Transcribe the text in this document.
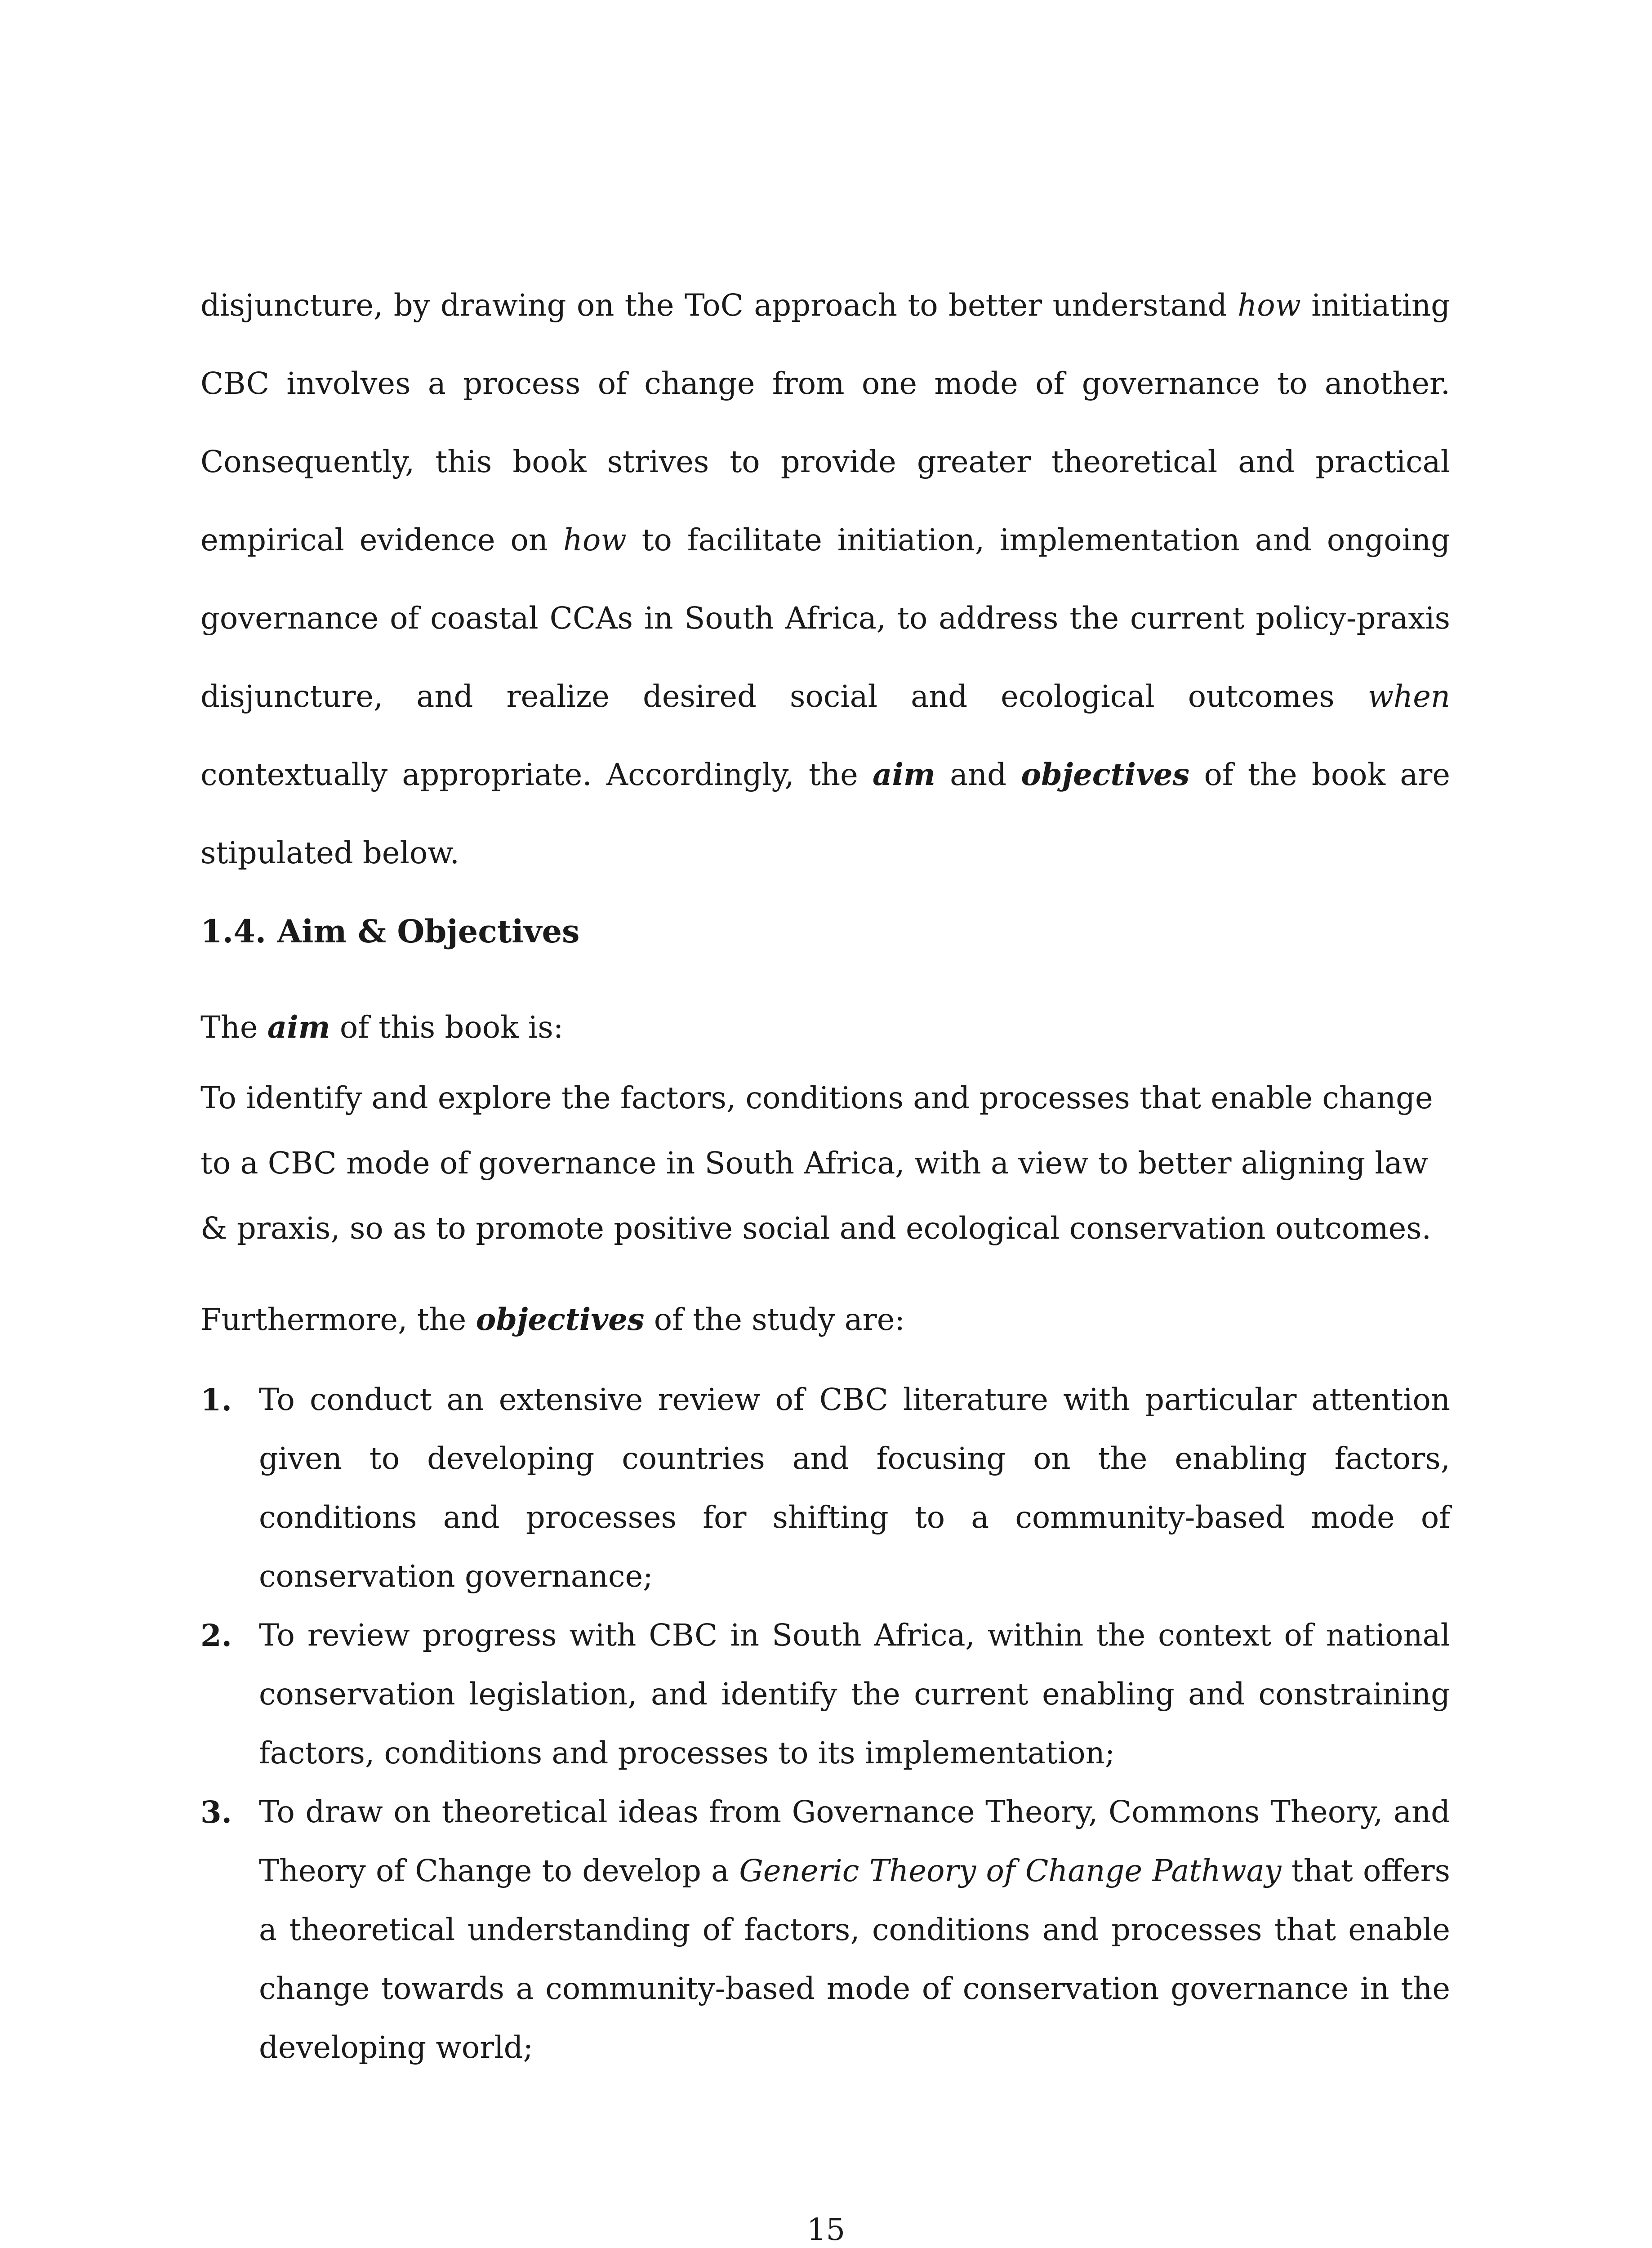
disjuncture, by drawing on the ToC approach to better understand how initiating CBC involves a process of change from one mode of governance to another. Consequently, this book strives to provide greater theoretical and practical empirical evidence on how to facilitate initiation, implementation and ongoing governance of coastal CCAs in South Africa, to address the current policy-praxis disjuncture, and realize desired social and ecological outcomes when contextually appropriate. Accordingly, the aim and objectives of the book are stipulated below.

1.4. Aim & Objectives

The aim of this book is:

To identify and explore the factors, conditions and processes that enable change to a CBC mode of governance in South Africa, with a view to better aligning law & praxis, so as to promote positive social and ecological conservation outcomes.

Furthermore, the objectives of the study are:

1. To conduct an extensive review of CBC literature with particular attention given to developing countries and focusing on the enabling factors, conditions and processes for shifting to a community-based mode of conservation governance;
2. To review progress with CBC in South Africa, within the context of national conservation legislation, and identify the current enabling and constraining factors, conditions and processes to its implementation;
3. To draw on theoretical ideas from Governance Theory, Commons Theory, and Theory of Change to develop a Generic Theory of Change Pathway that offers a theoretical understanding of factors, conditions and processes that enable change towards a community-based mode of conservation governance in the developing world;
15
